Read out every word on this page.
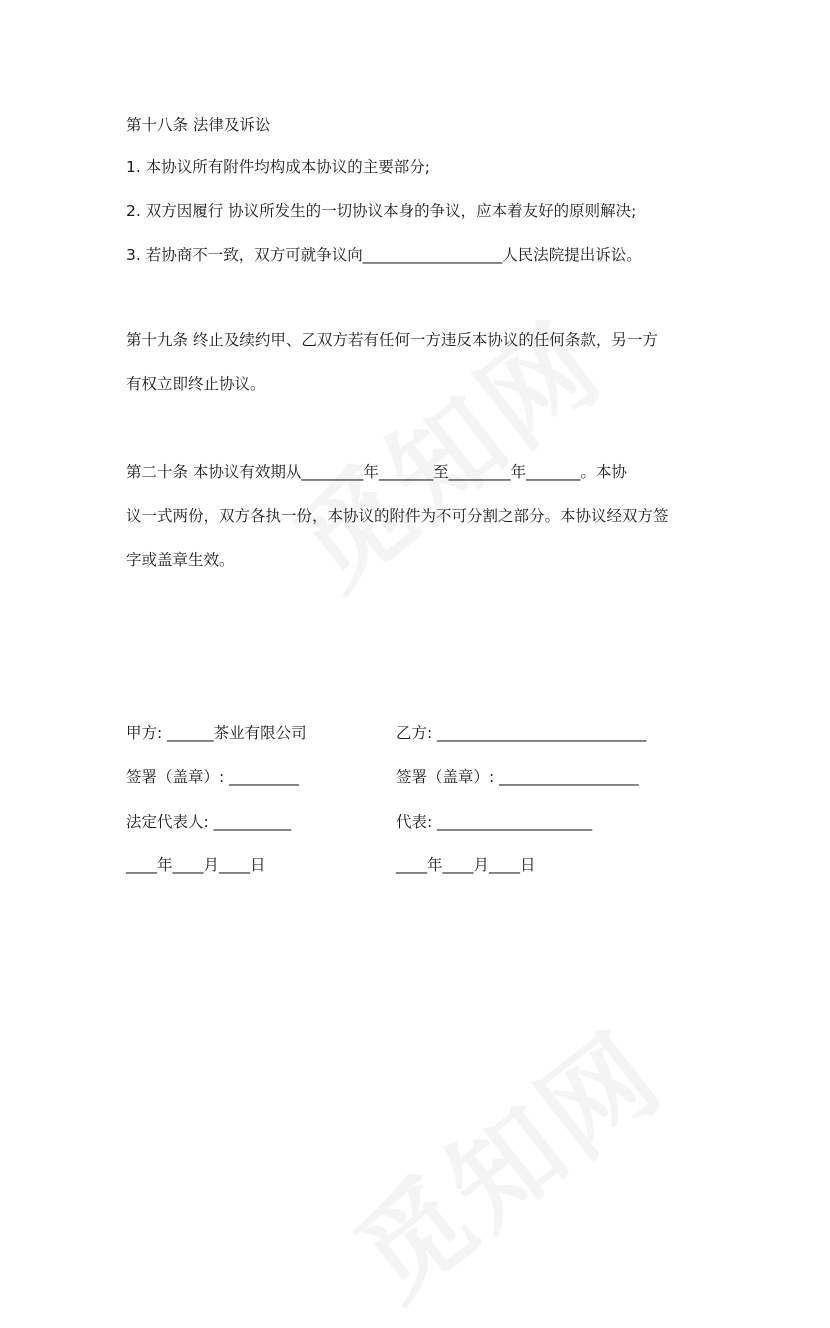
第十八条 法律及诉讼
1. 本协议所有附件均构成本协议的主要部分;
2. 双方因履行 协议所发生的一切协议本身的争议，应本着友好的原则解决;
3. 若协商不一致，双方可就争议向__________________人民法院提出诉讼。
第十九条 终止及续约甲、乙双方若有任何一方违反本协议的任何条款，另一方
有权立即终止协议。
第二十条 本协议有效期从________年_______至________年_______。本协
议一式两份，双方各执一份，本协议的附件为不可分割之部分。本协议经双方签
字或盖章生效。
甲方: ______茶业有限公司
签署（盖章）: _________
法定代表人: __________
____年____月____日
乙方: ___________________________
签署（盖章）: __________________
代表: ____________________
____年____月____日
